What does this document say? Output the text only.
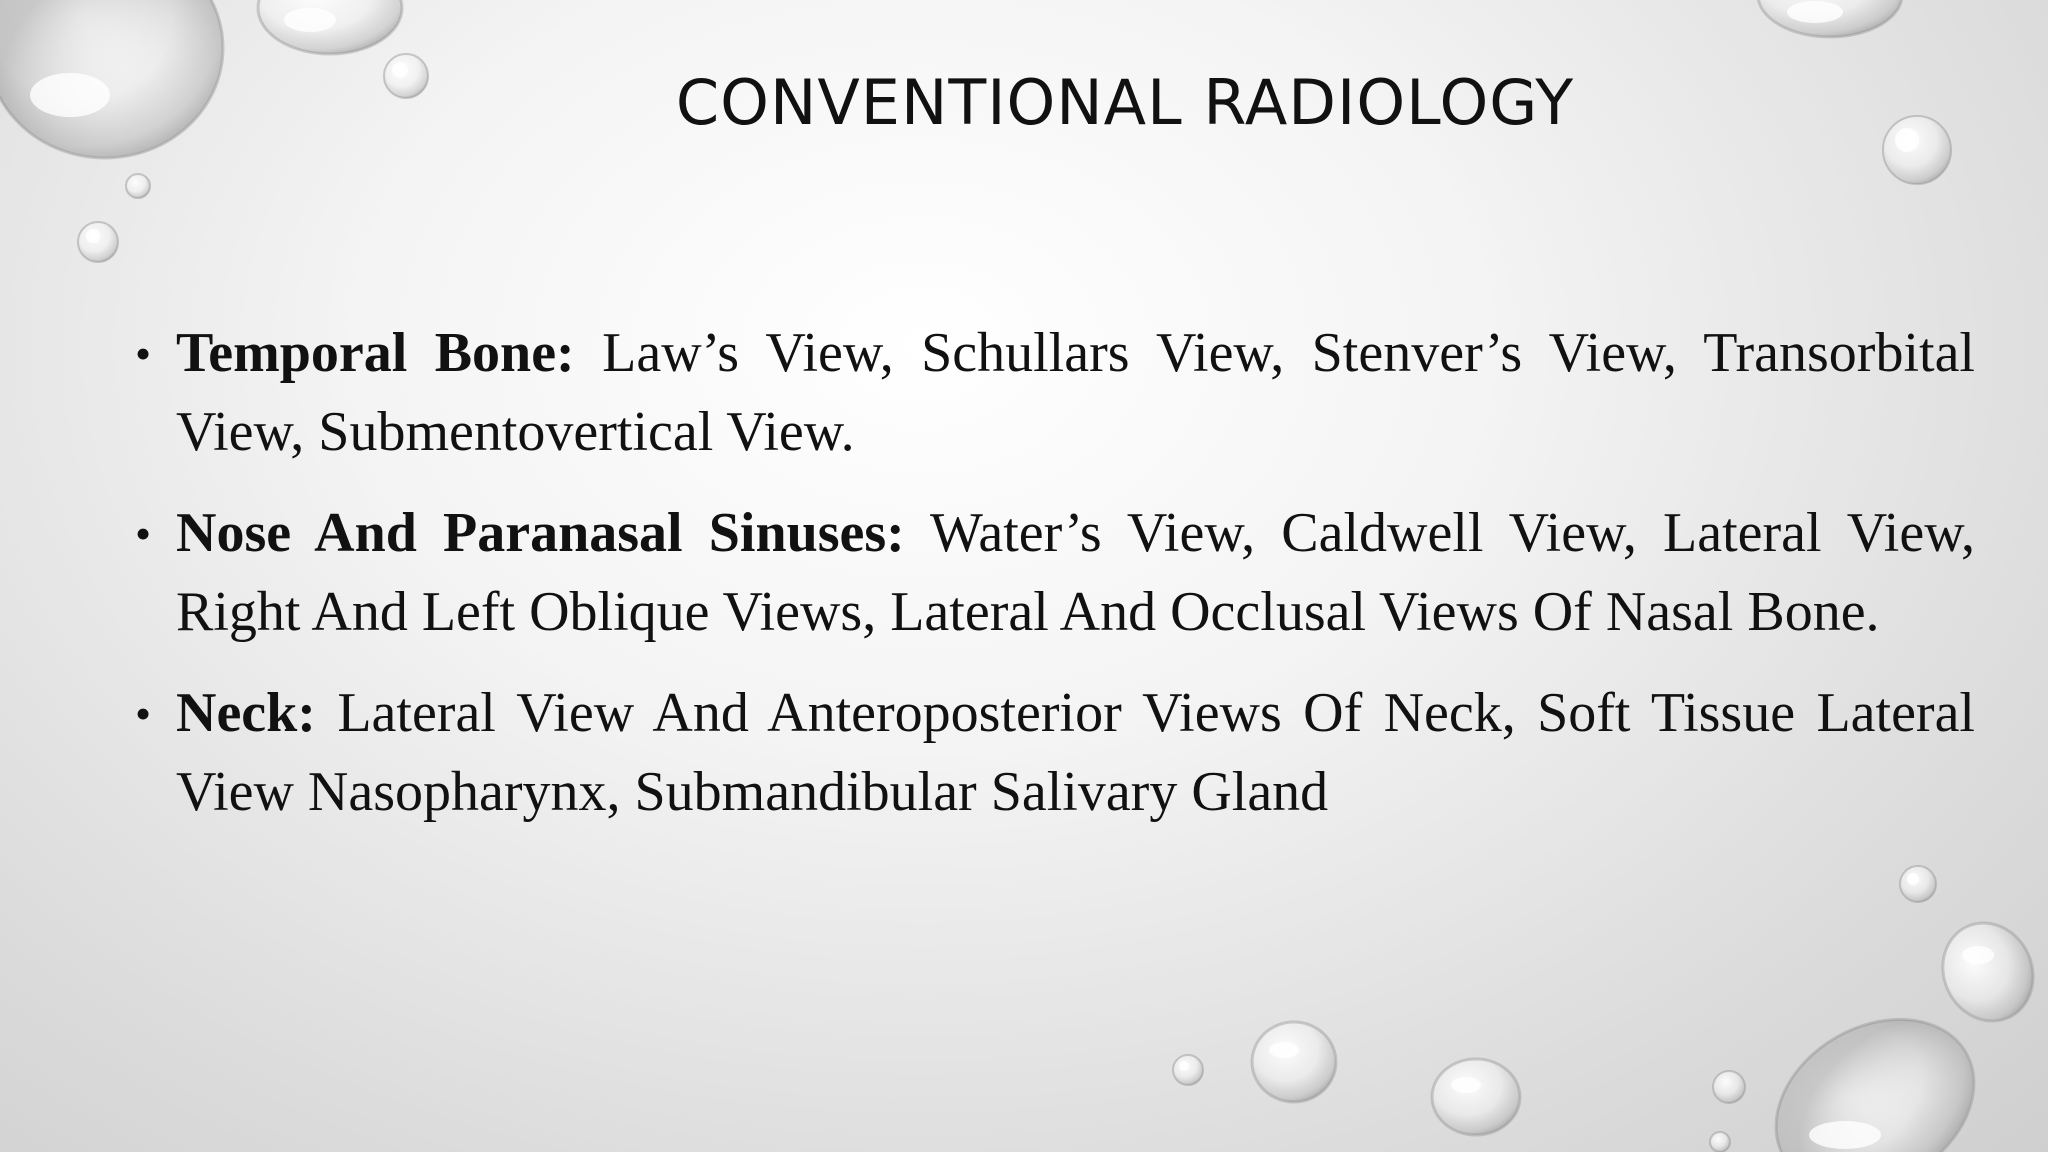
CONVENTIONAL RADIOLOGY
• Temporal Bone: Law’s View, Schullars View, Stenver’s View, Transorbital View, Submentovertical View.
• Nose And Paranasal Sinuses: Water’s View, Caldwell View, Lateral View, Right And Left Oblique Views, Lateral And Occlusal Views Of Nasal Bone.
• Neck: Lateral View And Anteroposterior Views Of Neck, Soft Tissue Lateral View Nasopharynx, Submandibular Salivary Gland
